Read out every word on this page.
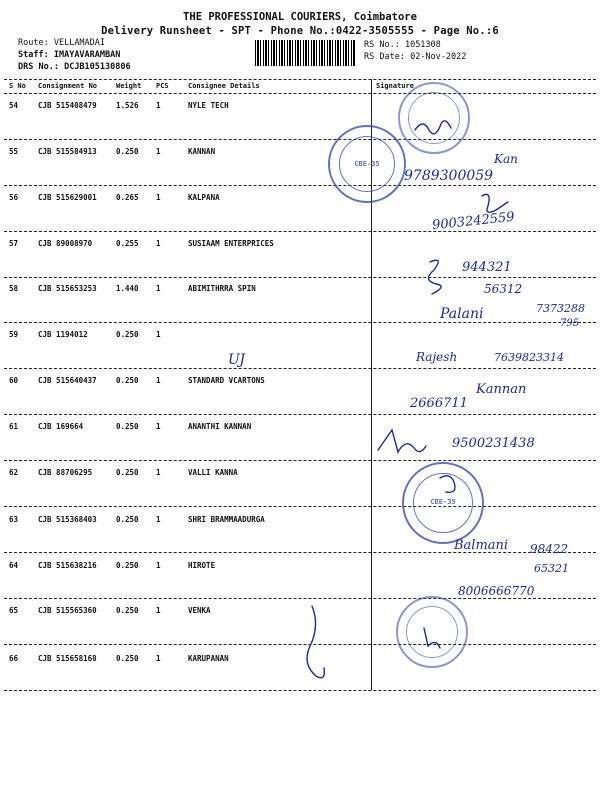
THE PROFESSIONAL COURIERS, Coimbatore
Delivery Runsheet - SPT - Phone No.:0422-3505555 - Page No.:6
Route: VELLAMADAI
Staff: IMAYAVARAMBAN
DRS No.: DCJB105130806
RS No.: 1051308
RS Date: 02-Nov-2022
S No Consignment No	Weight PCS	Consignee Details	Signature
54	CJB 515408479	1.526 1	NYLE TECH
55	CJB 515584913	0.250 1	KANNAN
56	CJB 515629001	0.265 1	KALPANA
57	CJB 89008970	0.255 1	SUSIAAM ENTERPRICES
58	CJB 515653253	1.440 1	ABIMITHRRA SPIN
59	CJB 1194012	0.250 1
60	CJB 515640437	0.250 1	STANDARD VCARTONS
61	CJB 169664	0.250 1	ANANTHI KANNAN
62	CJB 88706295	0.250 1	VALLI KANNA
63	CJB 515368403	0.250 1	SHRI BRAMMAADURGA
64	CJB 515638216	0.250 1	HIROTE
65	CJB 515565360	0.250 1	VENKA
66	CJB 515658168	0.250 1	KARUPANAN
CBE-35
CBE-35
Kan
9789300059
9003242559
944321
56312
Palani	7373288
795
Rajesh	7639823314
UJ
Kannan
2666711
9500231438
Balmani 98422
65321
8006666770
